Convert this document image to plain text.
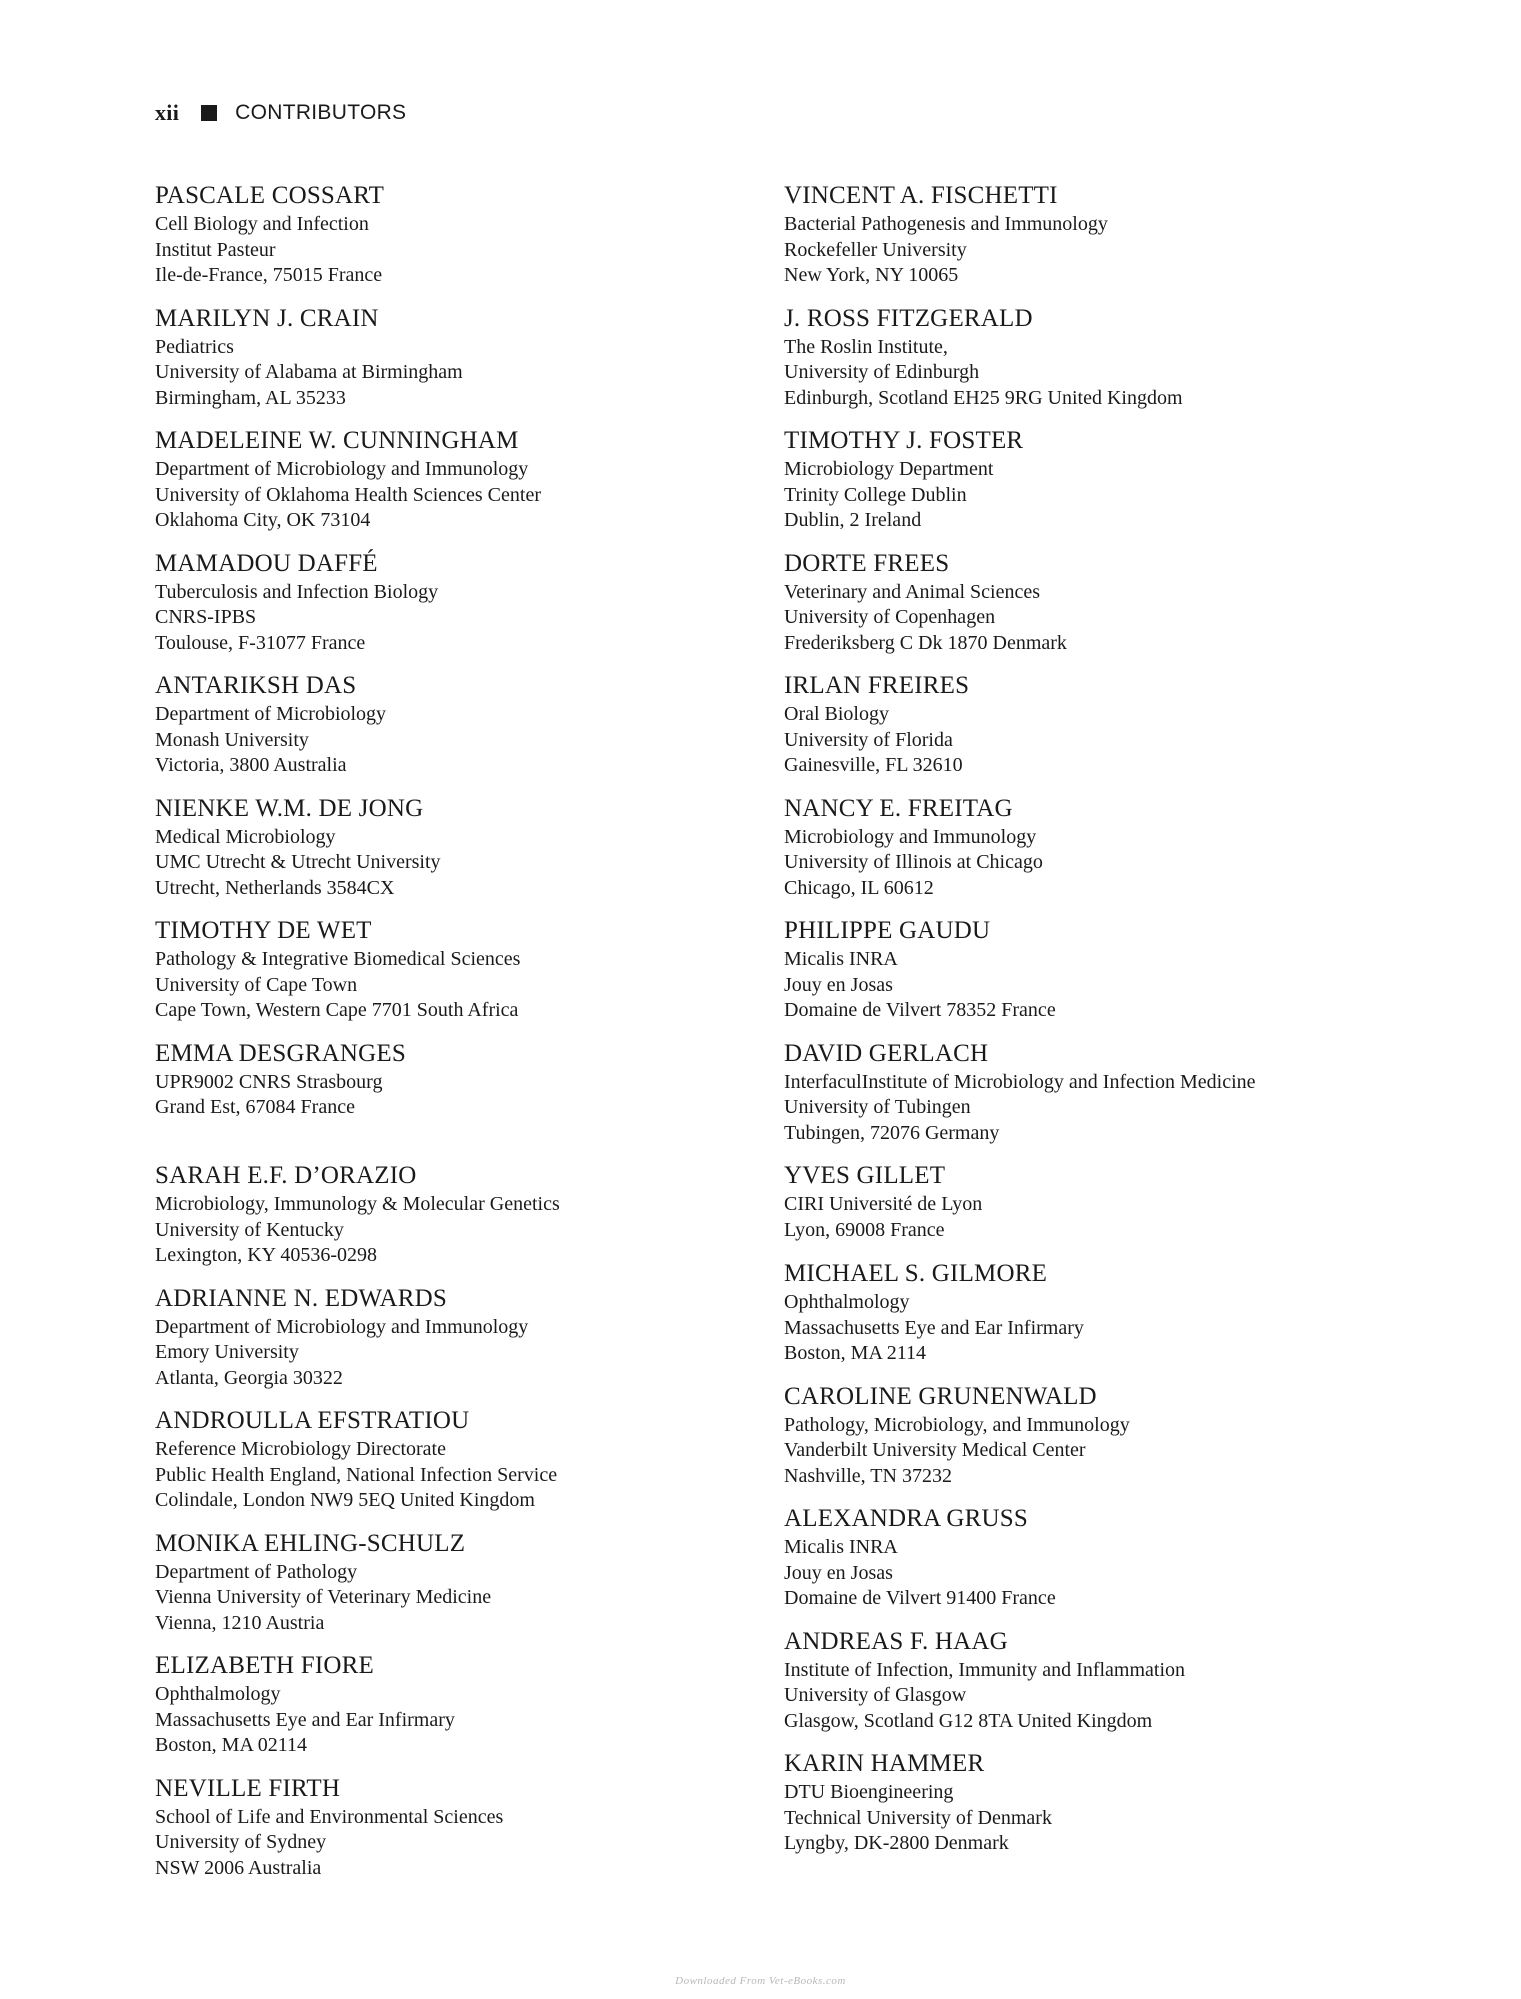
xii	CONTRIBUTORS
PASCALE COSSART
Cell Biology and Infection
Institut Pasteur
Ile-de-France, 75015 France
MARILYN J. CRAIN
Pediatrics
University of Alabama at Birmingham
Birmingham, AL 35233
MADELEINE W. CUNNINGHAM
Department of Microbiology and Immunology
University of Oklahoma Health Sciences Center
Oklahoma City, OK 73104
MAMADOU DAFFÉ
Tuberculosis and Infection Biology
CNRS-IPBS
Toulouse, F-31077 France
ANTARIKSH DAS
Department of Microbiology
Monash University
Victoria, 3800 Australia
NIENKE W.M. DE JONG
Medical Microbiology
UMC Utrecht & Utrecht University
Utrecht, Netherlands 3584CX
TIMOTHY DE WET
Pathology & Integrative Biomedical Sciences
University of Cape Town
Cape Town, Western Cape 7701 South Africa
EMMA DESGRANGES
UPR9002 CNRS Strasbourg
Grand Est, 67084 France
SARAH E.F. D’ORAZIO
Microbiology, Immunology & Molecular Genetics
University of Kentucky
Lexington, KY 40536-0298
ADRIANNE N. EDWARDS
Department of Microbiology and Immunology
Emory University
Atlanta, Georgia 30322
ANDROULLA EFSTRATIOU
Reference Microbiology Directorate
Public Health England, National Infection Service
Colindale, London NW9 5EQ United Kingdom
MONIKA EHLING-SCHULZ
Department of Pathology
Vienna University of Veterinary Medicine
Vienna, 1210 Austria
ELIZABETH FIORE
Ophthalmology
Massachusetts Eye and Ear Infirmary
Boston, MA 02114
NEVILLE FIRTH
School of Life and Environmental Sciences
University of Sydney
NSW 2006 Australia
VINCENT A. FISCHETTI
Bacterial Pathogenesis and Immunology
Rockefeller University
New York, NY 10065
J. ROSS FITZGERALD
The Roslin Institute,
University of Edinburgh
Edinburgh, Scotland EH25 9RG United Kingdom
TIMOTHY J. FOSTER
Microbiology Department
Trinity College Dublin
Dublin, 2 Ireland
DORTE FREES
Veterinary and Animal Sciences
University of Copenhagen
Frederiksberg C Dk 1870 Denmark
IRLAN FREIRES
Oral Biology
University of Florida
Gainesville, FL 32610
NANCY E. FREITAG
Microbiology and Immunology
University of Illinois at Chicago
Chicago, IL 60612
PHILIPPE GAUDU
Micalis INRA
Jouy en Josas
Domaine de Vilvert 78352 France
DAVID GERLACH
InterfaculInstitute of Microbiology and Infection Medicine
University of Tubingen
Tubingen, 72076 Germany
YVES GILLET
CIRI Université de Lyon
Lyon, 69008 France
MICHAEL S. GILMORE
Ophthalmology
Massachusetts Eye and Ear Infirmary
Boston, MA 2114
CAROLINE GRUNENWALD
Pathology, Microbiology, and Immunology
Vanderbilt University Medical Center
Nashville, TN 37232
ALEXANDRA GRUSS
Micalis INRA
Jouy en Josas
Domaine de Vilvert 91400 France
ANDREAS F. HAAG
Institute of Infection, Immunity and Inflammation
University of Glasgow
Glasgow, Scotland G12 8TA United Kingdom
KARIN HAMMER
DTU Bioengineering
Technical University of Denmark
Lyngby, DK-2800 Denmark
Downloaded From Vet-eBooks.com
